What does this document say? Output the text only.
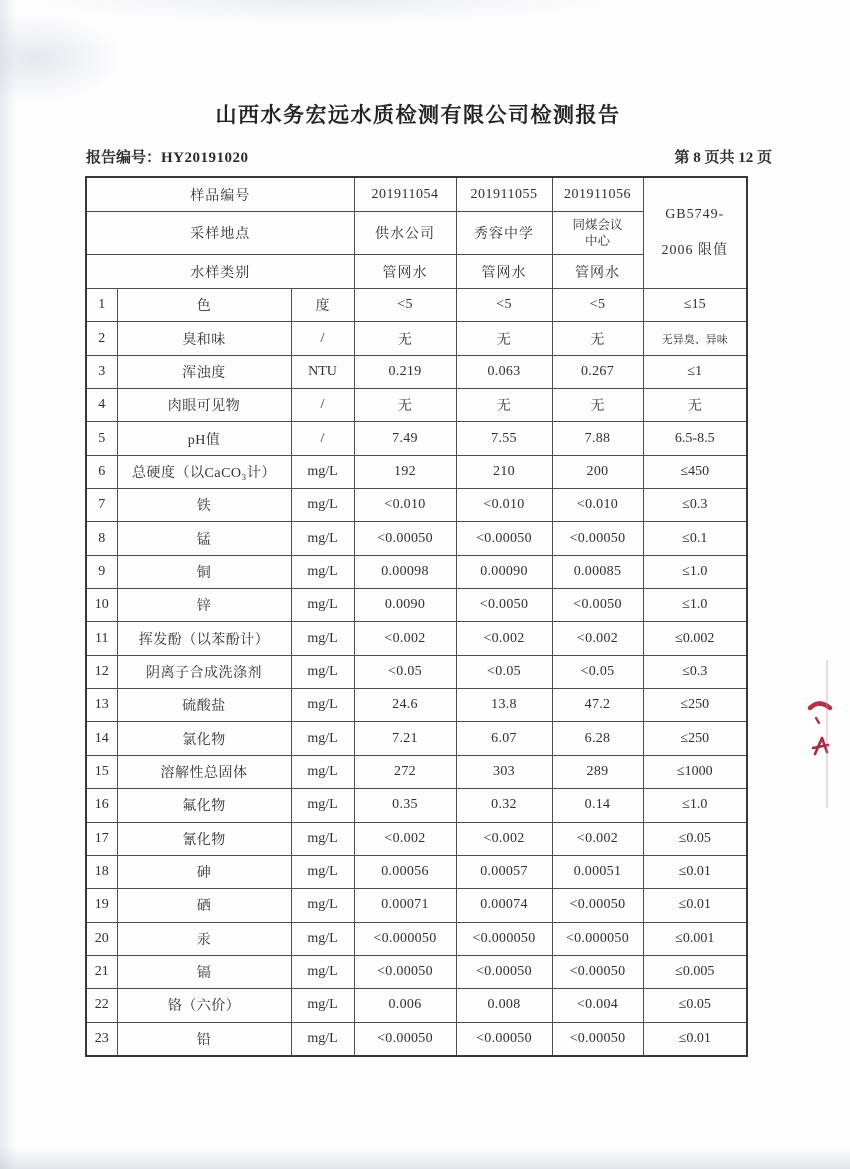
山西水务宏远水质检测有限公司检测报告
报告编号：HY20191020	第 8 页共 12 页
样品编号			201911054	201911055	201911056	GB5749-
2006 限值

采样地点			供水公司	秀容中学	同煤会议中心	
水样类别			管网水	管网水	管网水	
1	色	度	<5	<5	<5	≤15
2	臭和味	/	无	无	无	无异臭、异味
3	浑浊度	NTU	0.219	0.063	0.267	≤1
4	肉眼可见物	/	无	无	无	无
5	pH值	/	7.49	7.55	7.88	6.5-8.5
6	总硬度（以CaCO₃计）	mg/L	192	210	200	≤450
7	铁	mg/L	<0.010	<0.010	<0.010	≤0.3
8	锰	mg/L	<0.00050	<0.00050	<0.00050	≤0.1
9	铜	mg/L	0.00098	0.00090	0.00085	≤1.0
10	锌	mg/L	0.0090	<0.0050	<0.0050	≤1.0
11	挥发酚（以苯酚计）	mg/L	<0.002	<0.002	<0.002	≤0.002
12	阴离子合成洗涤剂	mg/L	<0.05	<0.05	<0.05	≤0.3
13	硫酸盐	mg/L	24.6	13.8	47.2	≤250
14	氯化物	mg/L	7.21	6.07	6.28	≤250
15	溶解性总固体	mg/L	272	303	289	≤1000
16	氟化物	mg/L	0.35	0.32	0.14	≤1.0
17	氰化物	mg/L	<0.002	<0.002	<0.002	≤0.05
18	砷	mg/L	0.00056	0.00057	0.00051	≤0.01
19	硒	mg/L	0.00071	0.00074	<0.00050	≤0.01
20	汞	mg/L	<0.000050	<0.000050	<0.000050	≤0.001
21	镉	mg/L	<0.00050	<0.00050	<0.00050	≤0.005
22	铬（六价）	mg/L	0.006	0.008	<0.004	≤0.05
23	铅	mg/L	<0.00050	<0.00050	<0.00050	≤0.01
